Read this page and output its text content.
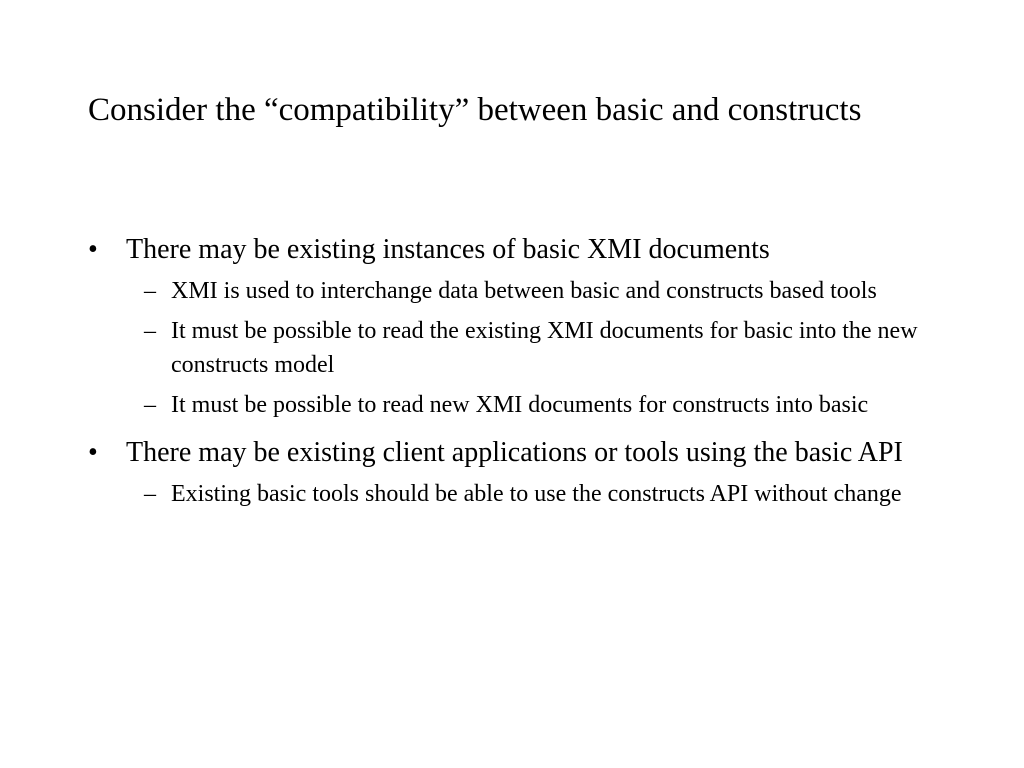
Consider the “compatibility” between basic and constructs
•	There may be existing instances of basic XMI documents
– XMI is used to interchange data between basic and constructs based tools
– It must be possible to read the existing XMI documents for basic into the new constructs model
– It must be possible to read new XMI documents for constructs into basic
•	There may be existing client applications or tools using the basic API
– Existing basic tools should be able to use the constructs API without change
